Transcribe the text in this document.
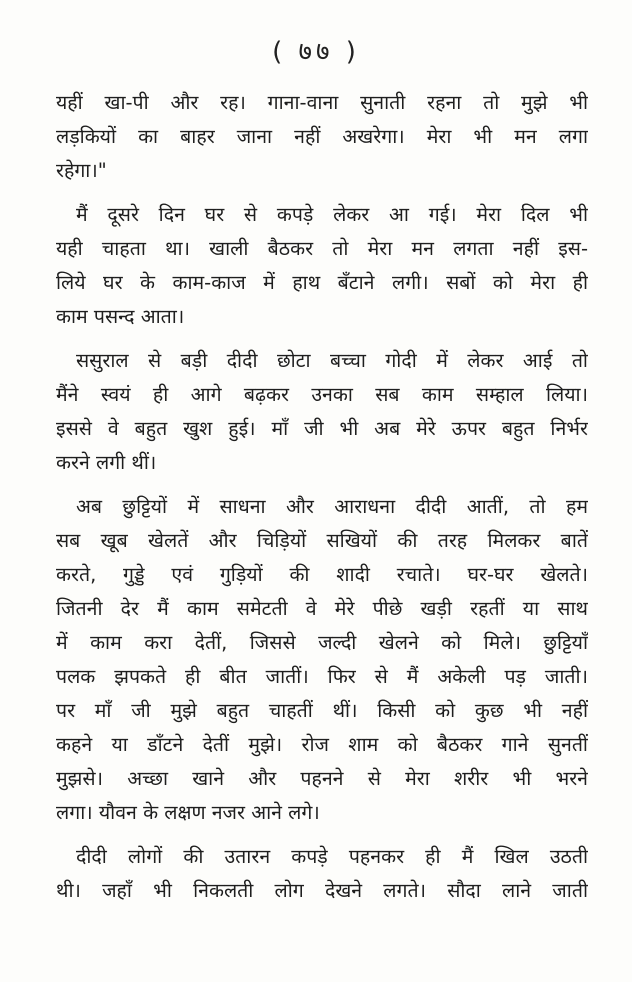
( ७७ )
यहीं खा-पी और रह। गाना-वाना सुनाती रहना तो मुझे भी
लड़कियों का बाहर जाना नहीं अखरेगा। मेरा भी मन लगा
रहेगा।"
मैं दूसरे दिन घर से कपड़े लेकर आ गई। मेरा दिल भी
यही चाहता था। खाली बैठकर तो मेरा मन लगता नहीं इस-
लिये घर के काम-काज में हाथ बँटाने लगी। सबों को मेरा ही
काम पसन्द आता।
ससुराल से बड़ी दीदी छोटा बच्चा गोदी में लेकर आई तो
मैंने स्वयं ही आगे बढ़कर उनका सब काम सम्हाल लिया।
इससे वे बहुत खुश हुई। माँ जी भी अब मेरे ऊपर बहुत निर्भर
करने लगी थीं।
अब छुट्टियों में साधना और आराधना दीदी आतीं, तो हम
सब खूब खेलतें और चिड़ियों सखियों की तरह मिलकर बातें
करते, गुड्डे एवं गुड़ियों की शादी रचाते। घर-घर खेलते।
जितनी देर मैं काम समेटती वे मेरे पीछे खड़ी रहतीं या साथ
में काम करा देतीं, जिससे जल्दी खेलने को मिले। छुट्टियाँ
पलक झपकते ही बीत जातीं। फिर से मैं अकेली पड़ जाती।
पर माँ जी मुझे बहुत चाहतीं थीं। किसी को कुछ भी नहीं
कहने या डाँटने देतीं मुझे। रोज शाम को बैठकर गाने सुनतीं
मुझसे। अच्छा खाने और पहनने से मेरा शरीर भी भरने
लगा। यौवन के लक्षण नजर आने लगे।
दीदी लोगों की उतारन कपड़े पहनकर ही मैं खिल उठती
थी। जहाँ भी निकलती लोग देखने लगते। सौदा लाने जाती
